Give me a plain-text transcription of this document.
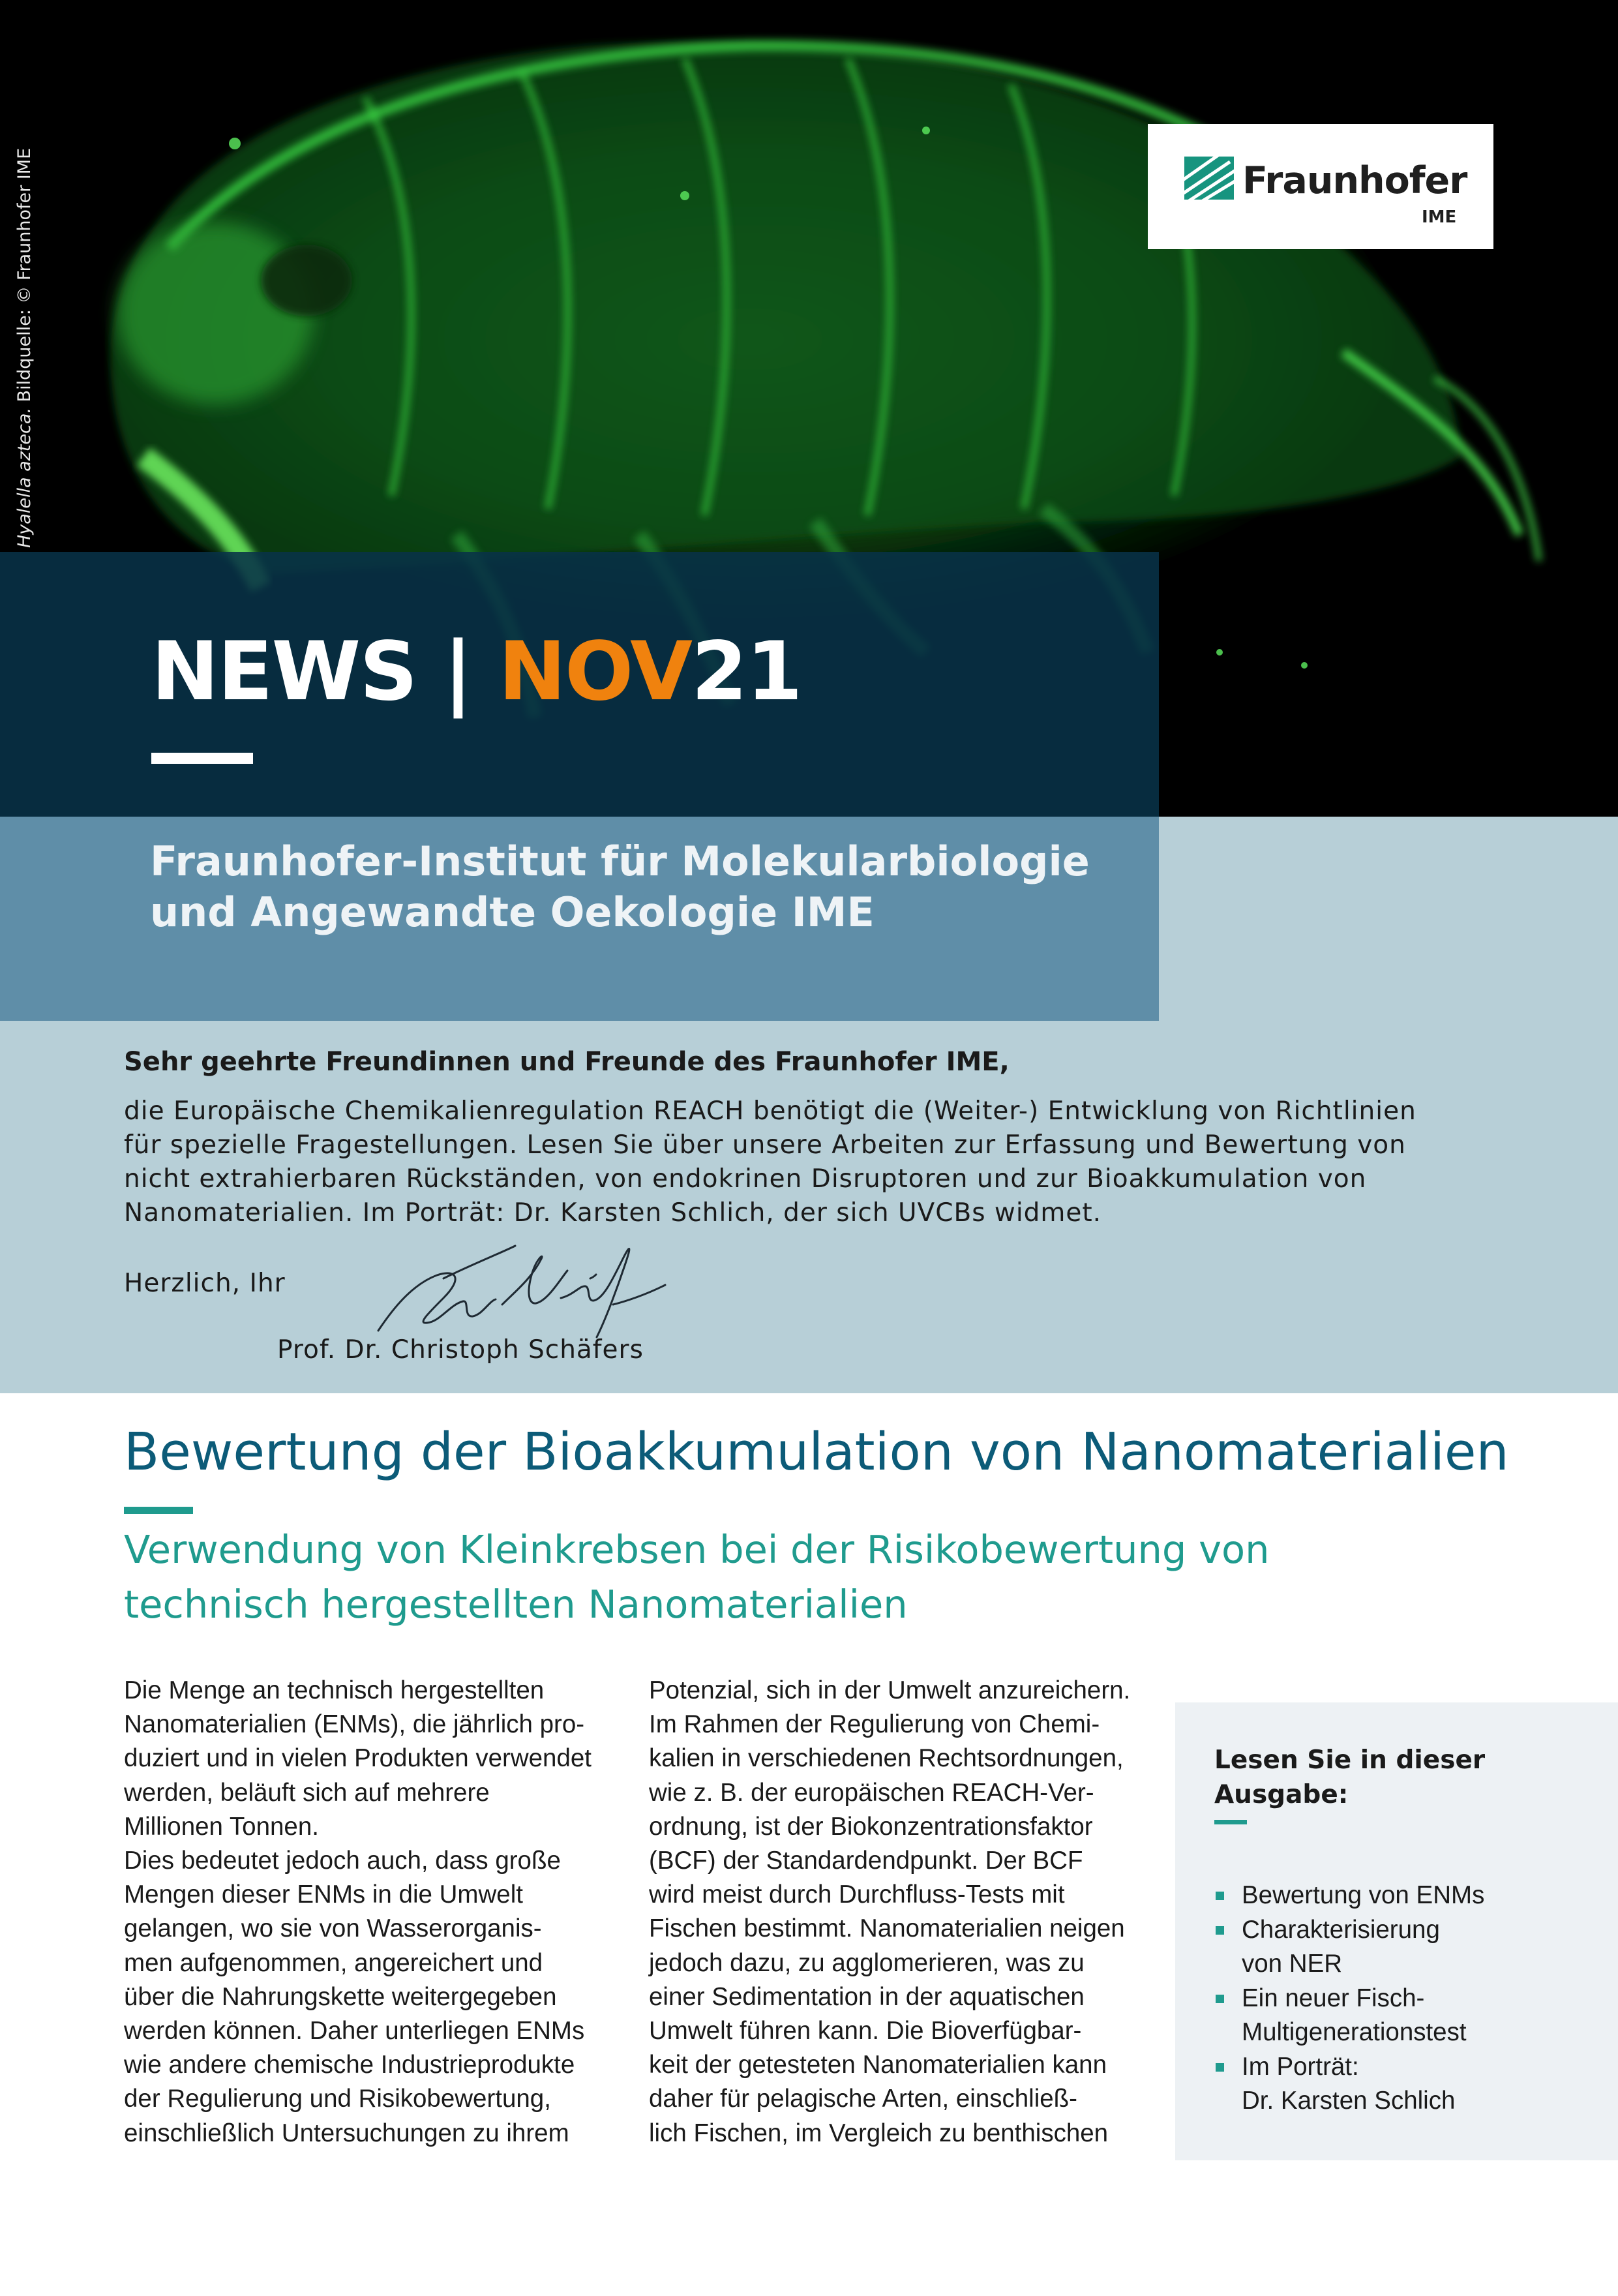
Hyalella azteca. Bildquelle: © Fraunhofer IME	Fraunhofer
IME
NEWS | NOV21
Fraunhofer-Institut für Molekularbiologie und Angewandte Oekologie IME
Sehr geehrte Freundinnen und Freunde des Fraunhofer IME,
die Europäische Chemikalienregulation REACH benötigt die (Weiter-) Entwicklung von Richtlinien
für spezielle Fragestellungen. Lesen Sie über unsere Arbeiten zur Erfassung und Bewertung von
nicht extrahierbaren Rückständen, von endokrinen Disruptoren und zur Bioakkumulation von
Nanomaterialien. Im Porträt: Dr. Karsten Schlich, der sich UVCBs widmet.
Herzlich, Ihr
Prof. Dr. Christoph Schäfers
Bewertung der Bioakkumulation von Nanomaterialien
Verwendung von Kleinkrebsen bei der Risikobewertung von technisch hergestellten Nanomaterialien
Die Menge an technisch hergestellten
Nanomaterialien (ENMs), die jährlich pro-
duziert und in vielen Produkten verwendet
werden, beläuft sich auf mehrere
Millionen Tonnen.
Dies bedeutet jedoch auch, dass große
Mengen dieser ENMs in die Umwelt
gelangen, wo sie von Wasserorganis-
men aufgenommen, angereichert und
über die Nahrungskette weitergegeben
werden können. Daher unterliegen ENMs
wie andere chemische Industrieprodukte
der Regulierung und Risikobewertung,
einschließlich Untersuchungen zu ihrem
Potenzial, sich in der Umwelt anzureichern.
Im Rahmen der Regulierung von Chemi-
kalien in verschiedenen Rechtsordnungen,
wie z. B. der europäischen REACH-Ver-
ordnung, ist der Biokonzentrationsfaktor
(BCF) der Standardendpunkt. Der BCF
wird meist durch Durchfluss-Tests mit
Fischen bestimmt. Nanomaterialien neigen
jedoch dazu, zu agglomerieren, was zu
einer Sedimentation in der aquatischen
Umwelt führen kann. Die Bioverfügbar-
keit der getesteten Nanomaterialien kann
daher für pelagische Arten, einschließ-
lich Fischen, im Vergleich zu benthischen
Lesen Sie in dieser
Ausgabe:
Bewertung von ENMs
Charakterisierung
von NER
Ein neuer Fisch-
Multigenerationstest
Im Porträt:
Dr. Karsten Schlich
